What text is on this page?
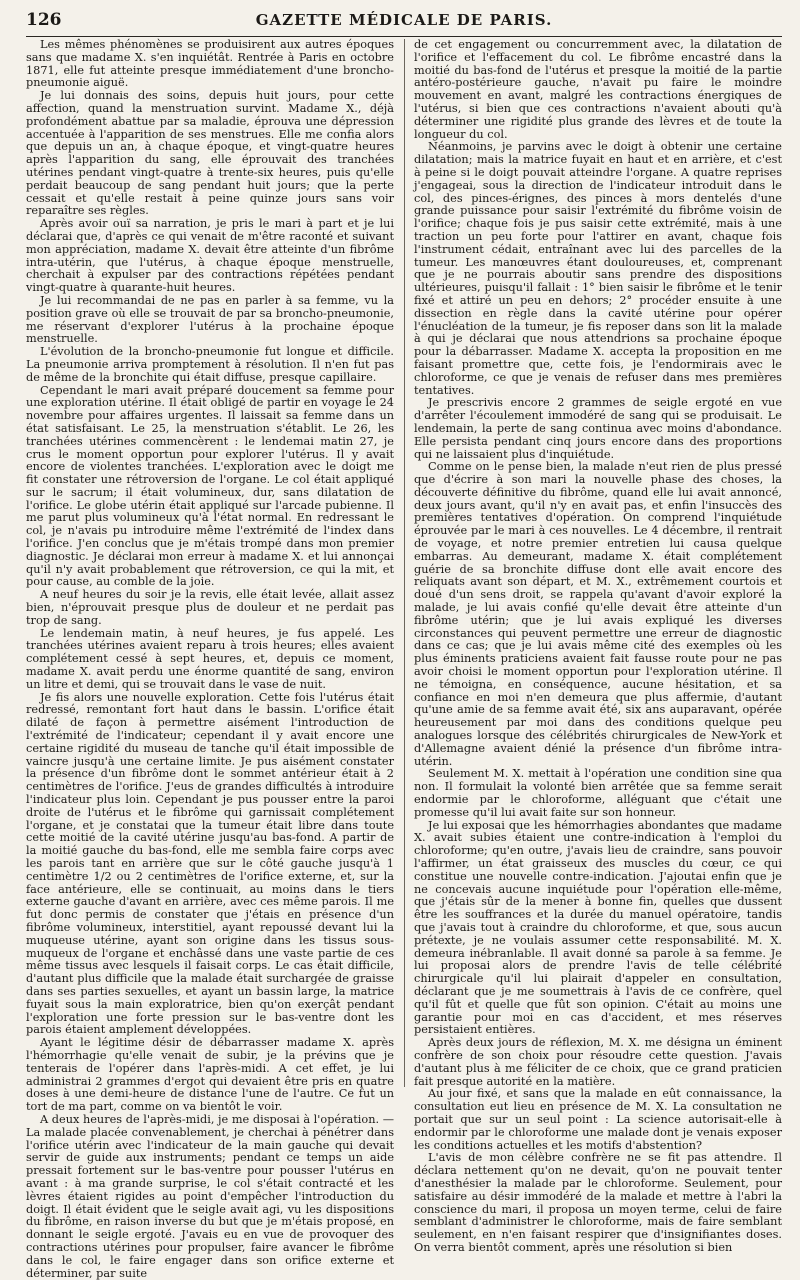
126	GAZETTE MÉDICALE DE PARIS.

Les mêmes phénomènes se produisirent aux autres époques sans que madame X. s'en inquiétât. Rentrée à Paris en octobre 1871, elle fut atteinte presque immédiatement d'une broncho-pneumonie aiguë.

Je lui donnais des soins, depuis huit jours, pour cette affection, quand la menstruation survint. Madame X., déjà profondément abattue par sa maladie, éprouva une dépression accentuée à l'apparition de ses menstrues. Elle me confia alors que depuis un an, à chaque époque, et vingt-quatre heures après l'apparition du sang, elle éprouvait des tranchées utérines pendant vingt-quatre à trente-six heures, puis qu'elle perdait beaucoup de sang pendant huit jours; que la perte cessait et qu'elle restait à peine quinze jours sans voir reparaître ses règles.

Après avoir ouï sa narration, je pris le mari à part et je lui déclarai que, d'après ce qui venait de m'être raconté et suivant mon appréciation, madame X. devait être atteinte d'un fibrôme intra-utérin, que l'utérus, à chaque époque menstruelle, cherchait à expulser par des contractions répétées pendant vingt-quatre à quarante-huit heures.

Je lui recommandai de ne pas en parler à sa femme, vu la position grave où elle se trouvait de par sa broncho-pneumonie, me réservant d'explorer l'utérus à la prochaine époque menstruelle.

L'évolution de la broncho-pneumonie fut longue et difficile. La pneumonie arriva promptement à résolution. Il n'en fut pas de même de la bronchite qui était diffuse, presque capillaire.

Cependant le mari avait préparé doucement sa femme pour une exploration utérine. Il était obligé de partir en voyage le 24 novembre pour affaires urgentes. Il laissait sa femme dans un état satisfaisant. Le 25, la menstruation s'établit. Le 26, les tranchées utérines commencèrent : le lendemai matin 27, je crus le moment opportun pour explorer l'utérus. Il y avait encore de violentes tranchées. L'exploration avec le doigt me fit constater une rétroversion de l'organe. Le col était appliqué sur le sacrum; il était volumineux, dur, sans dilatation de l'orifice. Le globe utérin était appliqué sur l'arcade pubienne. Il me parut plus volumineux qu'à l'état normal. En redressant le col, je n'avais pu introduire même l'extrémité de l'index dans l'orifice. J'en conclus que je m'étais trompé dans mon premier diagnostic. Je déclarai mon erreur à madame X. et lui annonçai qu'il n'y avait probablement que rétroversion, ce qui la mit, et pour cause, au comble de la joie.

A neuf heures du soir je la revis, elle était levée, allait assez bien, n'éprouvait presque plus de douleur et ne perdait pas trop de sang.

Le lendemain matin, à neuf heures, je fus appelé. Les tranchées utérines avaient reparu à trois heures; elles avaient complétement cessé à sept heures, et, depuis ce moment, madame X. avait perdu une énorme quantité de sang, environ un litre et demi, qui se trouvait dans le vase de nuit.

Je fis alors une nouvelle exploration. Cette fois l'utérus était redressé, remontant fort haut dans le bassin. L'orifice était dilaté de façon à permettre aisément l'introduction de l'extrémité de l'indicateur; cependant il y avait encore une certaine rigidité du museau de tanche qu'il était impossible de vaincre jusqu'à une certaine limite. Je pus aisément constater la présence d'un fibrôme dont le sommet antérieur était à 2 centimètres de l'orifice. J'eus de grandes difficultés à introduire l'indicateur plus loin. Cependant je pus pousser entre la paroi droite de l'utérus et le fibrôme qui garnissait complétement l'organe, et je constatai que la tumeur était libre dans toute cette moitié de la cavité utérine jusqu'au bas-fond. A partir de la moitié gauche du bas-fond, elle me sembla faire corps avec les parois tant en arrière que sur le côté gauche jusqu'à 1 centimètre 1/2 ou 2 centimètres de l'orifice externe, et, sur la face antérieure, elle se continuait, au moins dans le tiers externe gauche d'avant en arrière, avec ces même parois. Il me fut donc permis de constater que j'étais en présence d'un fibrôme volumineux, interstitiel, ayant repoussé devant lui la muqueuse utérine, ayant son origine dans les tissus sous-muqueux de l'organe et enchâssé dans une vaste partie de ces même tissus avec lesquels il faisait corps. Le cas était difficile, d'autant plus difficile que la malade était surchargée de graisse dans ses parties sexuelles, et ayant un bassin large, la matrice fuyait sous la main exploratrice, bien qu'on exerçât pendant l'exploration une forte pression sur le bas-ventre dont les parois étaient amplement développées.

Ayant le légitime désir de débarrasser madame X. après l'hémorrhagie qu'elle venait de subir, je la prévins que je tenterais de l'opérer dans l'après-midi. A cet effet, je lui administrai 2 grammes d'ergot qui devaient être pris en quatre doses à une demi-heure de distance l'une de l'autre. Ce fut un tort de ma part, comme on va bientôt le voir.

A deux heures de l'après-midi, je me disposai à l'opération. — La malade placée convenablement, je cherchai à pénétrer dans l'orifice utérin avec l'indicateur de la main gauche qui devait servir de guide aux instruments; pendant ce temps un aide pressait fortement sur le bas-ventre pour pousser l'utérus en avant : à ma grande surprise, le col s'était contracté et les lèvres étaient rigides au point d'empêcher l'introduction du doigt. Il était évident que le seigle avait agi, vu les dispositions du fibrôme, en raison inverse du but que je m'étais proposé, en donnant le seigle ergoté. J'avais eu en vue de provoquer des contractions utérines pour propulser, faire avancer le fibrôme dans le col, le faire engager dans son orifice externe et déterminer, par suite

de cet engagement ou concurremment avec, la dilatation de l'orifice et l'effacement du col. Le fibrôme encastré dans la moitié du bas-fond de l'utérus et presque la moitié de la partie antéro-postérieure gauche, n'avait pu faire le moindre mouvement en avant, malgré les contractions énergiques de l'utérus, si bien que ces contractions n'avaient abouti qu'à déterminer une rigidité plus grande des lèvres et de toute la longueur du col.

Néanmoins, je parvins avec le doigt à obtenir une certaine dilatation; mais la matrice fuyait en haut et en arrière, et c'est à peine si le doigt pouvait atteindre l'organe. A quatre reprises j'engageai, sous la direction de l'indicateur introduit dans le col, des pinces-érignes, des pinces à mors dentelés d'une grande puissance pour saisir l'extrémité du fibrôme voisin de l'orifice; chaque fois je pus saisir cette extrémité, mais à une traction un peu forte pour l'attirer en avant, chaque fois l'instrument cédait, entraînant avec lui des parcelles de la tumeur. Les manœuvres étant douloureuses, et, comprenant que je ne pourrais aboutir sans prendre des dispositions ultérieures, puisqu'il fallait : 1° bien saisir le fibrôme et le tenir fixé et attiré un peu en dehors; 2° procéder ensuite à une dissection en règle dans la cavité utérine pour opérer l'énucléation de la tumeur, je fis reposer dans son lit la malade à qui je déclarai que nous attendrions sa prochaine époque pour la débarrasser. Madame X. accepta la proposition en me faisant promettre que, cette fois, je l'endormirais avec le chloroforme, ce que je venais de refuser dans mes premières tentatives.

Je prescrivis encore 2 grammes de seigle ergoté en vue d'arrêter l'écoulement immodéré de sang qui se produisait. Le lendemain, la perte de sang continua avec moins d'abondance. Elle persista pendant cinq jours encore dans des proportions qui ne laissaient plus d'inquiétude.

Comme on le pense bien, la malade n'eut rien de plus pressé que d'écrire à son mari la nouvelle phase des choses, la découverte définitive du fibrôme, quand elle lui avait annoncé, deux jours avant, qu'il n'y en avait pas, et enfin l'insuccès des premières tentatives d'opération. On comprend l'inquiétude éprouvée par le mari à ces nouvelles. Le 4 décembre, il rentrait de voyage, et notre premier entretien lui causa quelque embarras. Au demeurant, madame X. était complétement guérie de sa bronchite diffuse dont elle avait encore des reliquats avant son départ, et M. X., extrêmement courtois et doué d'un sens droit, se rappela qu'avant d'avoir exploré la malade, je lui avais confié qu'elle devait être atteinte d'un fibrôme utérin; que je lui avais expliqué les diverses circonstances qui peuvent permettre une erreur de diagnostic dans ce cas; que je lui avais même cité des exemples où les plus éminents praticiens avaient fait fausse route pour ne pas avoir choisi le moment opportun pour l'exploration utérine. Il ne témoigna, en conséquence, aucune hésitation, et sa confiance en moi n'en demeura que plus affermie, d'autant qu'une amie de sa femme avait été, six ans auparavant, opérée heureusement par moi dans des conditions quelque peu analogues lorsque des célébrités chirurgicales de New-York et d'Allemagne avaient dénié la présence d'un fibrôme intra-utérin.

Seulement M. X. mettait à l'opération une condition sine qua non. Il formulait la volonté bien arrêtée que sa femme serait endormie par le chloroforme, alléguant que c'était une promesse qu'il lui avait faite sur son honneur.

Je lui exposai que les hémorrhagies abondantes que madame X. avait subies étaient une contre-indication à l'emploi du chloroforme; qu'en outre, j'avais lieu de craindre, sans pouvoir l'affirmer, un état graisseux des muscles du cœur, ce qui constitue une nouvelle contre-indication. J'ajoutai enfin que je ne concevais aucune inquiétude pour l'opération elle-même, que j'étais sûr de la mener à bonne fin, quelles que dussent être les souffrances et la durée du manuel opératoire, tandis que j'avais tout à craindre du chloroforme, et que, sous aucun prétexte, je ne voulais assumer cette responsabilité. M. X. demeura inébranlable. Il avait donné sa parole à sa femme. Je lui proposai alors de prendre l'avis de telle célébrité chirurgicale qu'il lui plairait d'appeler en consultation, déclarant que je me soumettrais à l'avis de ce confrère, quel qu'il fût et quelle que fût son opinion. C'était au moins une garantie pour moi en cas d'accident, et mes réserves persistaient entières.

Après deux jours de réflexion, M. X. me désigna un éminent confrère de son choix pour résoudre cette question. J'avais d'autant plus à me féliciter de ce choix, que ce grand praticien fait presque autorité en la matière.

Au jour fixé, et sans que la malade en eût connaissance, la consultation eut lieu en présence de M. X. La consultation ne portait que sur un seul point : La science autorisait-elle à endormir par le chloroforme une malade dont je venais exposer les conditions actuelles et les motifs d'abstention?

L'avis de mon célèbre confrère ne se fit pas attendre. Il déclara nettement qu'on ne devait, qu'on ne pouvait tenter d'anesthésier la malade par le chloroforme. Seulement, pour satisfaire au désir immodéré de la malade et mettre à l'abri la conscience du mari, il proposa un moyen terme, celui de faire semblant d'administrer le chloroforme, mais de faire semblant seulement, en n'en faisant respirer que d'insignifiantes doses. On verra bientôt comment, après une résolution si bien
